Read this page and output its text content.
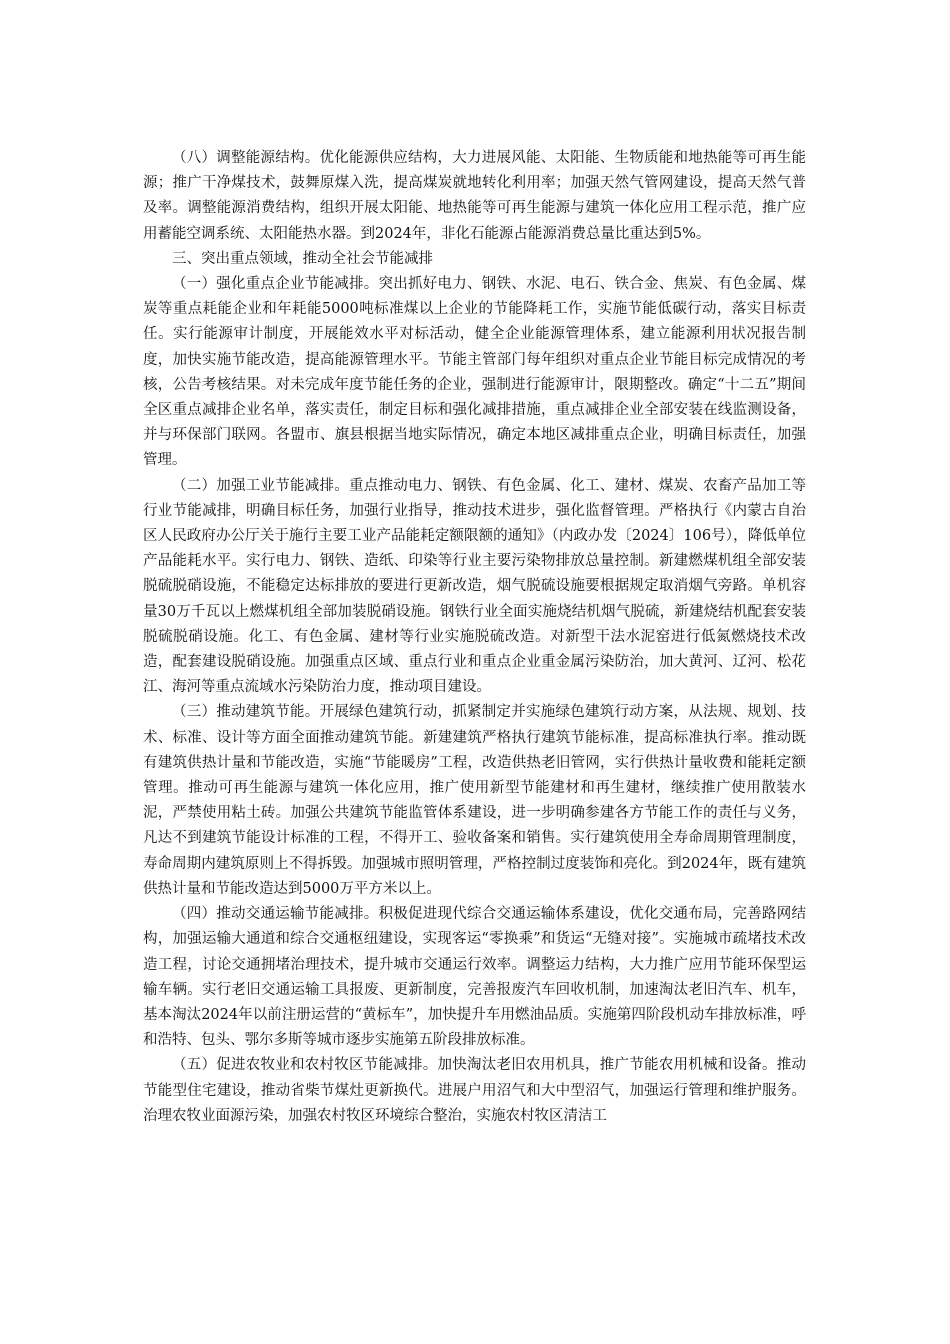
（八）调整能源结构。优化能源供应结构，大力进展风能、太阳能、生物质能和地热能等可再生能源；推广干净煤技术，鼓舞原煤入洗，提高煤炭就地转化利用率；加强天然气管网建设，提高天然气普及率。调整能源消费结构，组织开展太阳能、地热能等可再生能源与建筑一体化应用工程示范，推广应用蓄能空调系统、太阳能热水器。到2024年，非化石能源占能源消费总量比重达到5%。

三、突出重点领域，推动全社会节能减排

（一）强化重点企业节能减排。突出抓好电力、钢铁、水泥、电石、铁合金、焦炭、有色金属、煤炭等重点耗能企业和年耗能5000吨标准煤以上企业的节能降耗工作，实施节能低碳行动，落实目标责任。实行能源审计制度，开展能效水平对标活动，健全企业能源管理体系，建立能源利用状况报告制度，加快实施节能改造，提高能源管理水平。节能主管部门每年组织对重点企业节能目标完成情况的考核，公告考核结果。对未完成年度节能任务的企业，强制进行能源审计，限期整改。确定“十二五”期间全区重点减排企业名单，落实责任，制定目标和强化减排措施，重点减排企业全部安装在线监测设备，并与环保部门联网。各盟市、旗县根据当地实际情况，确定本地区减排重点企业，明确目标责任，加强管理。

（二）加强工业节能减排。重点推动电力、钢铁、有色金属、化工、建材、煤炭、农畜产品加工等行业节能减排，明确目标任务，加强行业指导，推动技术进步，强化监督管理。严格执行《内蒙古自治区人民政府办公厅关于施行主要工业产品能耗定额限额的通知》（内政办发〔2024〕106号），降低单位产品能耗水平。实行电力、钢铁、造纸、印染等行业主要污染物排放总量控制。新建燃煤机组全部安装脱硫脱硝设施，不能稳定达标排放的要进行更新改造，烟气脱硫设施要根据规定取消烟气旁路。单机容量30万千瓦以上燃煤机组全部加装脱硝设施。钢铁行业全面实施烧结机烟气脱硫，新建烧结机配套安装脱硫脱硝设施。化工、有色金属、建材等行业实施脱硫改造。对新型干法水泥窑进行低氮燃烧技术改造，配套建设脱硝设施。加强重点区域、重点行业和重点企业重金属污染防治，加大黄河、辽河、松花江、海河等重点流域水污染防治力度，推动项目建设。

（三）推动建筑节能。开展绿色建筑行动，抓紧制定并实施绿色建筑行动方案，从法规、规划、技术、标准、设计等方面全面推动建筑节能。新建建筑严格执行建筑节能标准，提高标准执行率。推动既有建筑供热计量和节能改造，实施“节能暖房”工程，改造供热老旧管网，实行供热计量收费和能耗定额管理。推动可再生能源与建筑一体化应用，推广使用新型节能建材和再生建材，继续推广使用散装水泥，严禁使用粘土砖。加强公共建筑节能监管体系建设，进一步明确参建各方节能工作的责任与义务，凡达不到建筑节能设计标准的工程，不得开工、验收备案和销售。实行建筑使用全寿命周期管理制度，寿命周期内建筑原则上不得拆毁。加强城市照明管理，严格控制过度装饰和亮化。到2024年，既有建筑供热计量和节能改造达到5000万平方米以上。

（四）推动交通运输节能减排。积极促进现代综合交通运输体系建设，优化交通布局，完善路网结构，加强运输大通道和综合交通枢纽建设，实现客运“零换乘”和货运“无缝对接”。实施城市疏堵技术改造工程，讨论交通拥堵治理技术，提升城市交通运行效率。调整运力结构，大力推广应用节能环保型运输车辆。实行老旧交通运输工具报废、更新制度，完善报废汽车回收机制，加速淘汰老旧汽车、机车，基本淘汰2024年以前注册运营的“黄标车”，加快提升车用燃油品质。实施第四阶段机动车排放标准，呼和浩特、包头、鄂尔多斯等城市逐步实施第五阶段排放标准。

（五）促进农牧业和农村牧区节能减排。加快淘汰老旧农用机具，推广节能农用机械和设备。推动节能型住宅建设，推动省柴节煤灶更新换代。进展户用沼气和大中型沼气，加强运行管理和维护服务。治理农牧业面源污染，加强农村牧区环境综合整治，实施农村牧区清洁工
